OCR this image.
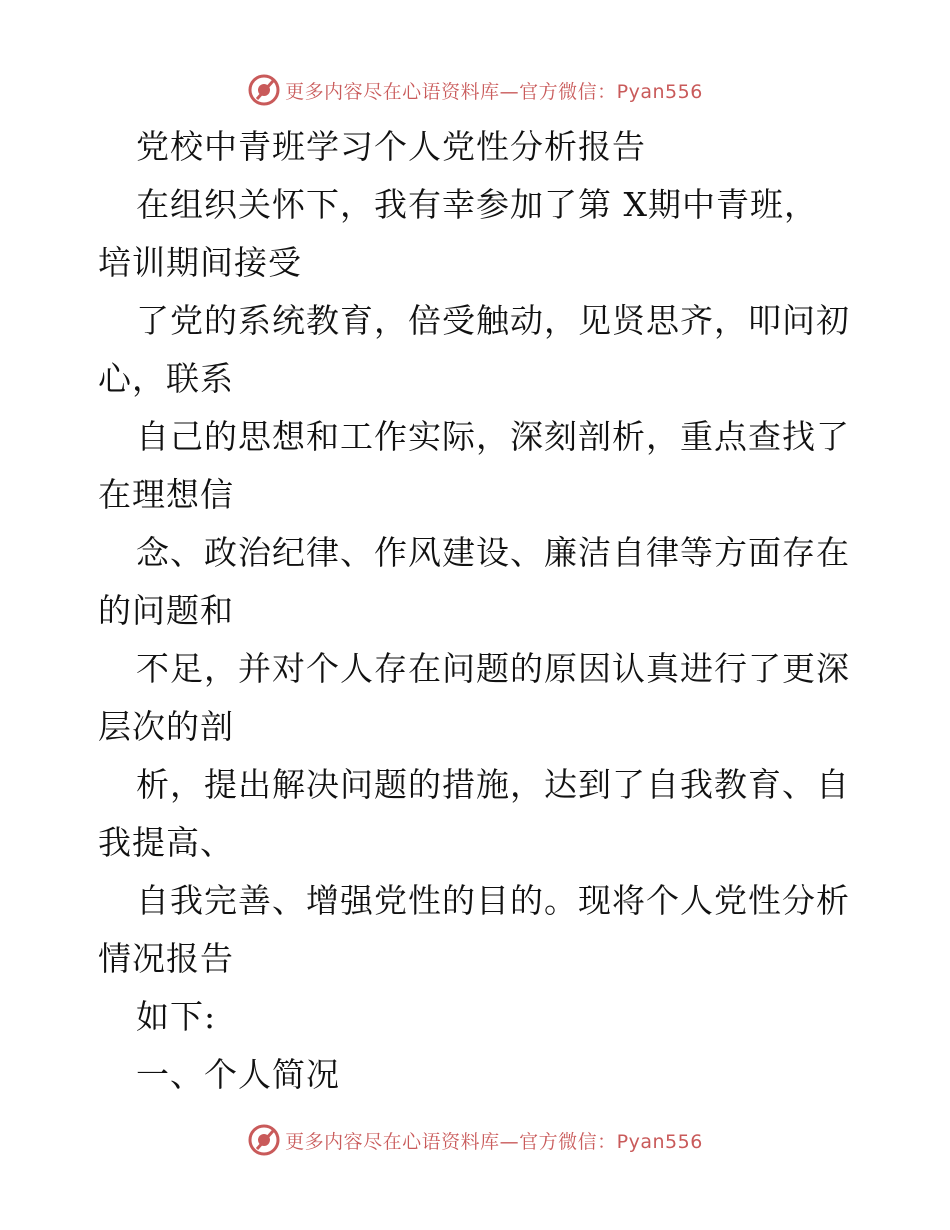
更多内容尽在心语资料库—官方微信：Pyan556
党校中青班学习个人党性分析报告
在组织关怀下，我有幸参加了第 X期中青班，
培训期间接受
了党的系统教育，倍受触动，见贤思齐，叩问初
心，联系
自己的思想和工作实际，深刻剖析，重点查找了
在理想信
念、政治纪律、作风建设、廉洁自律等方面存在
的问题和
不足，并对个人存在问题的原因认真进行了更深
层次的剖
析，提出解决问题的措施，达到了自我教育、自
我提高、
自我完善、增强党性的目的。现将个人党性分析
情况报告
如下:
一、个人简况
更多内容尽在心语资料库—官方微信：Pyan556
